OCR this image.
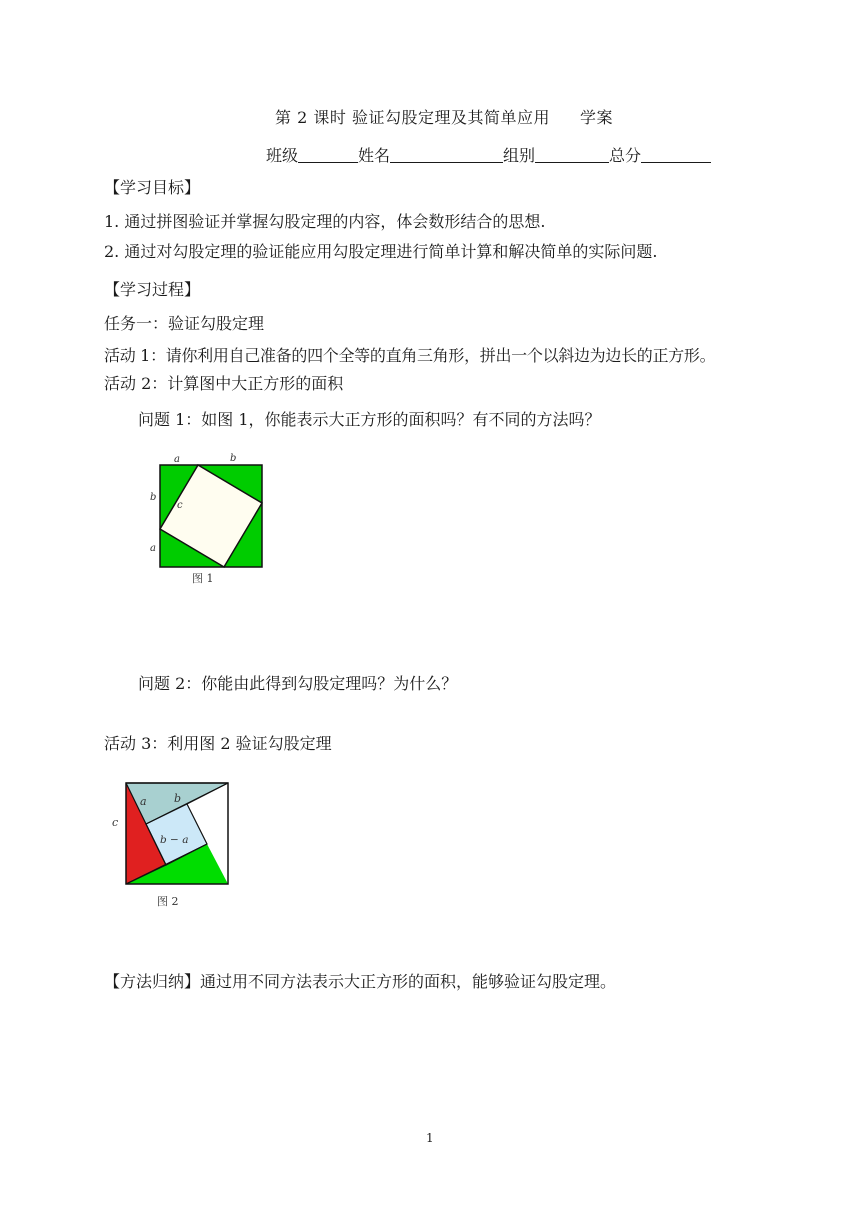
第 2 课时 验证勾股定理及其简单应用 学案
班级	姓名	组别	总分
【学习目标】
1. 通过拼图验证并掌握勾股定理的内容，体会数形结合的思想.
2. 通过对勾股定理的验证能应用勾股定理进行简单计算和解决简单的实际问题.
【学习过程】
任务一：验证勾股定理
活动 1：请你利用自己准备的四个全等的直角三角形，拼出一个以斜边为边长的正方形。
活动 2：计算图中大正方形的面积
问题 1：如图 1，你能表示大正方形的面积吗？有不同的方法吗？
a	b
b
c
a
图 1
问题 2：你能由此得到勾股定理吗？为什么？
活动 3：利用图 2 验证勾股定理
c
a b
b − a
图 2
【方法归纳】通过用不同方法表示大正方形的面积，能够验证勾股定理。
1
